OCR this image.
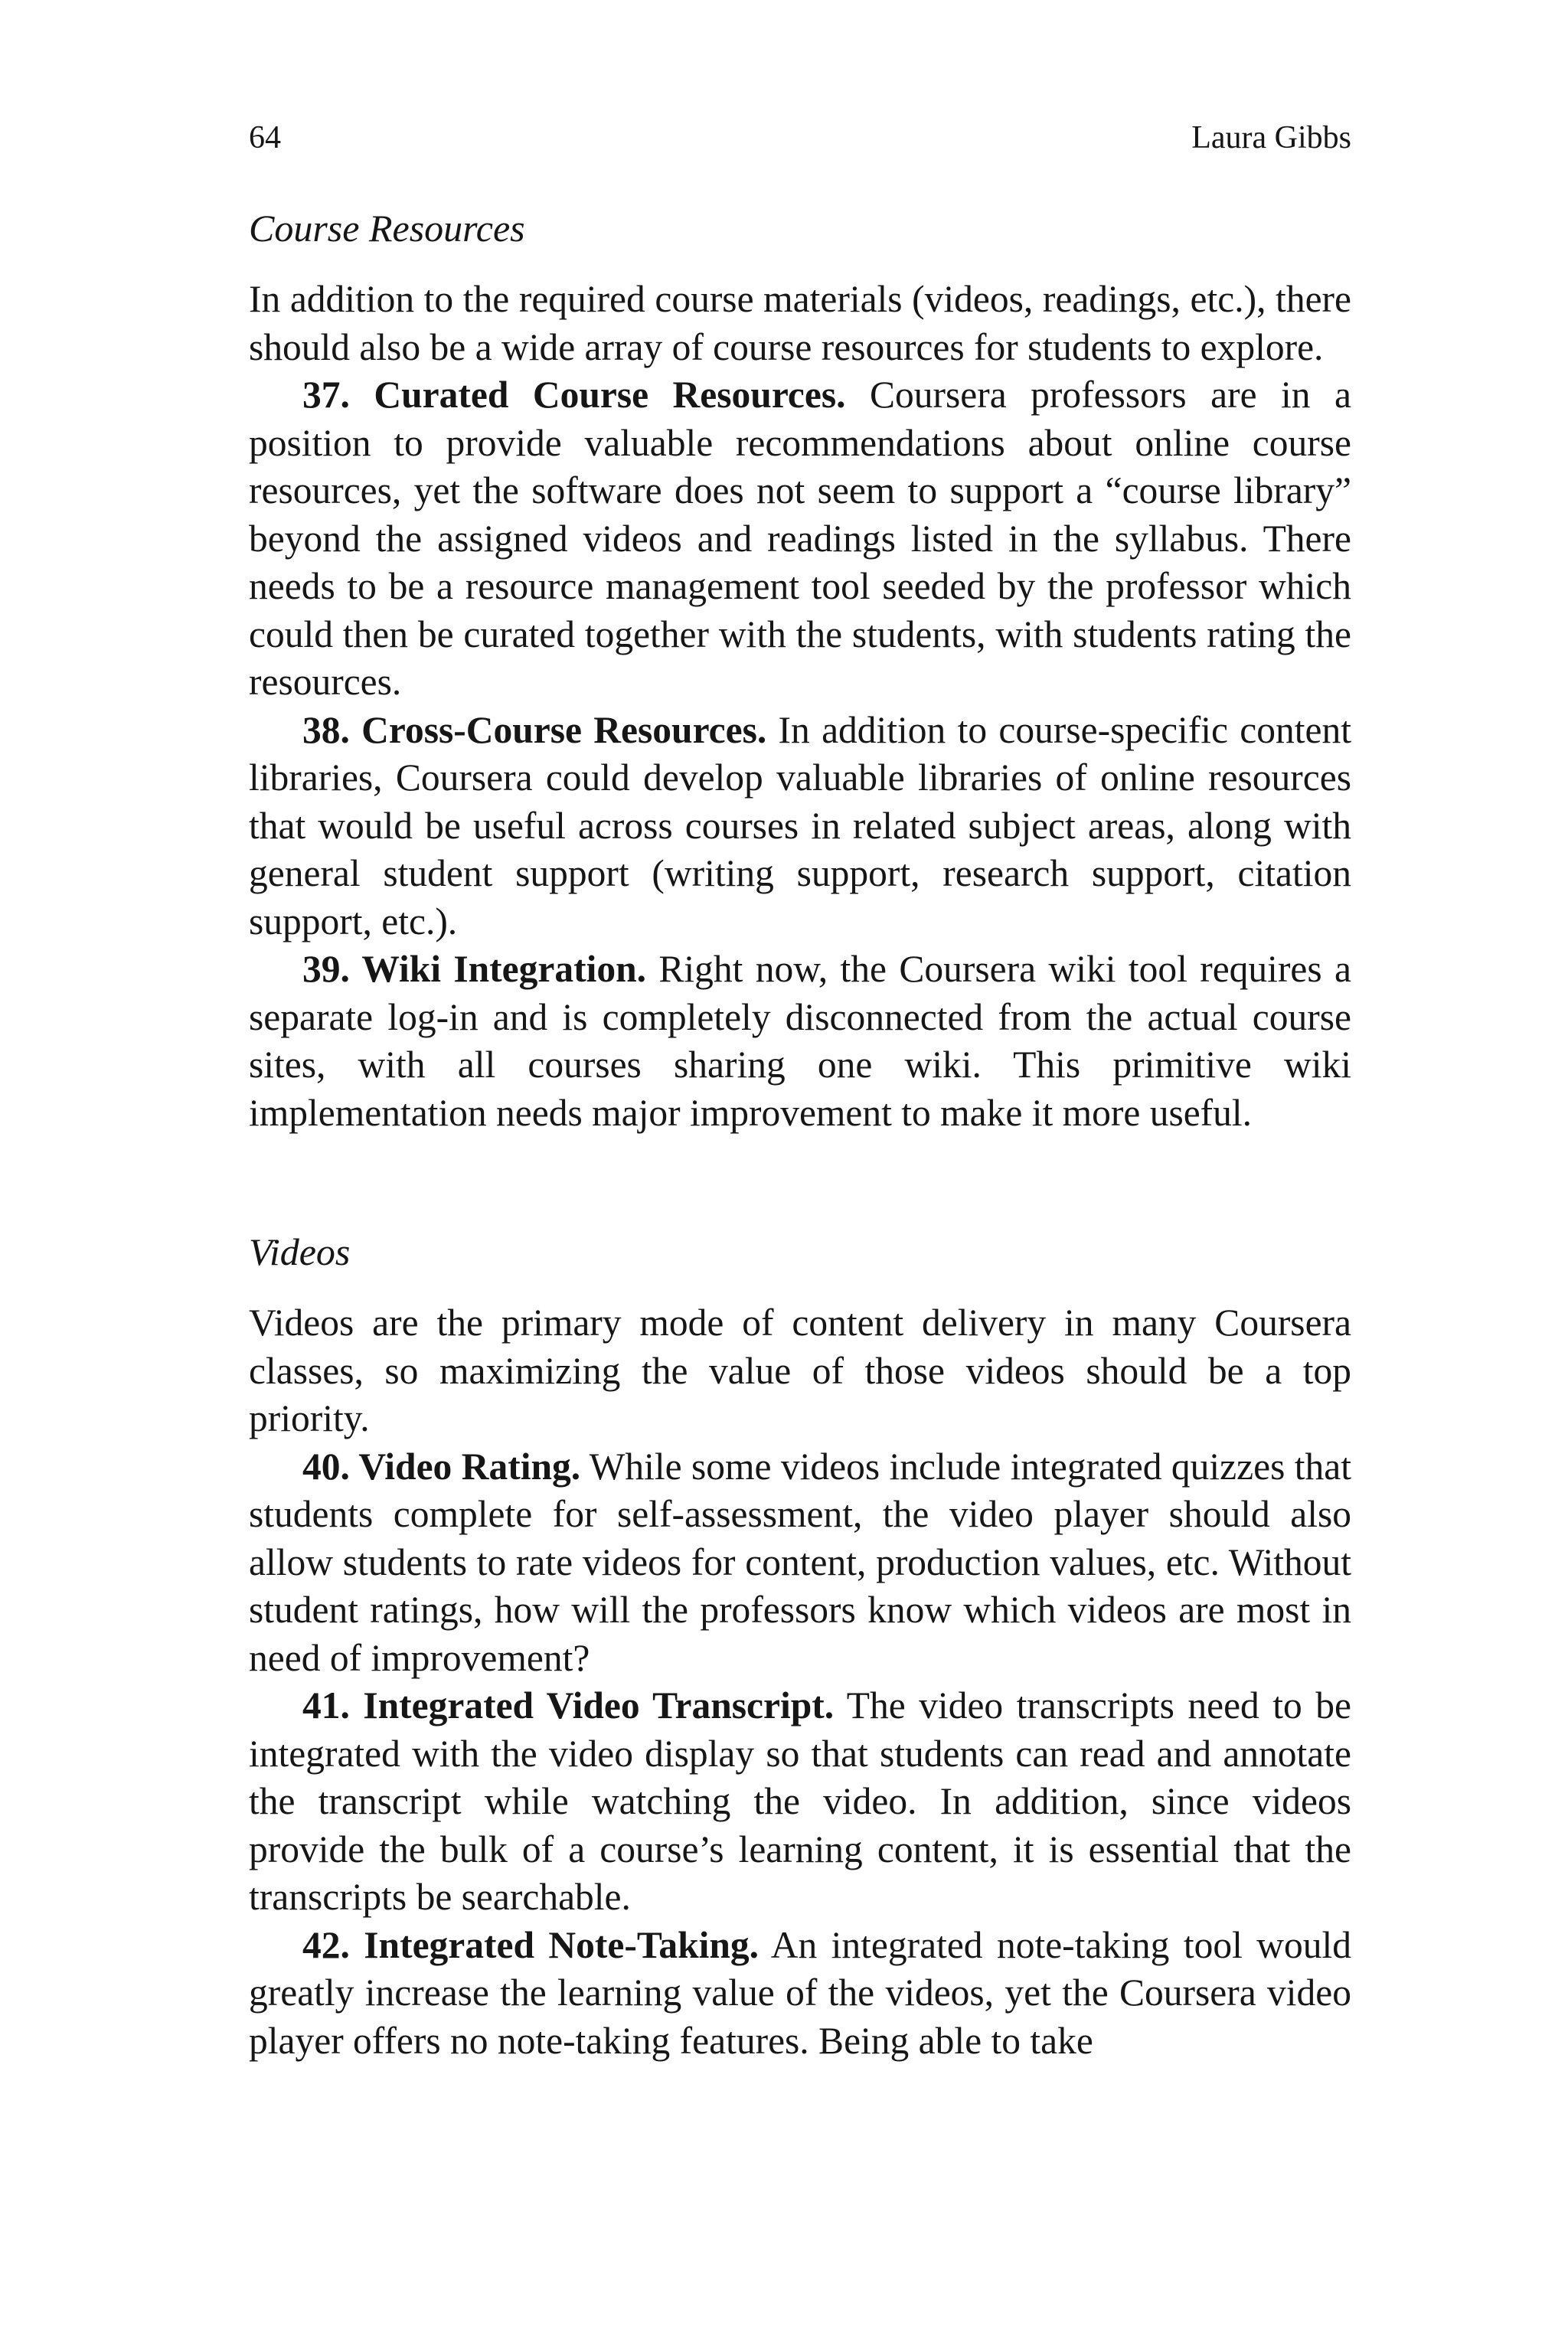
64	Laura Gibbs
Course Resources

In addition to the required course materials (videos, readings, etc.), there should also be a wide array of course resources for students to explore.

37. Curated Course Resources. Coursera professors are in a position to provide valuable recommendations about online course resources, yet the software does not seem to support a “course library” beyond the assigned videos and readings listed in the syllabus. There needs to be a resource management tool seeded by the professor which could then be curated together with the students, with students rating the resources.

38. Cross-Course Resources. In addition to course-specific content libraries, Coursera could develop valuable libraries of online resources that would be useful across courses in related subject areas, along with general student support (writing support, research support, citation support, etc.).

39. Wiki Integration. Right now, the Coursera wiki tool requires a separate log-in and is completely disconnected from the actual course sites, with all courses sharing one wiki. This primitive wiki implementation needs major improvement to make it more useful.

Videos

Videos are the primary mode of content delivery in many Coursera classes, so maximizing the value of those videos should be a top priority.

40. Video Rating. While some videos include integrated quizzes that students complete for self-assessment, the video player should also allow students to rate videos for content, production values, etc. Without student ratings, how will the professors know which videos are most in need of improvement?

41. Integrated Video Transcript. The video transcripts need to be integrated with the video display so that students can read and annotate the transcript while watching the video. In addition, since videos provide the bulk of a course’s learning content, it is essential that the transcripts be searchable.

42. Integrated Note-Taking. An integrated note-taking tool would greatly increase the learning value of the videos, yet the Coursera video player offers no note-taking features. Being able to take
